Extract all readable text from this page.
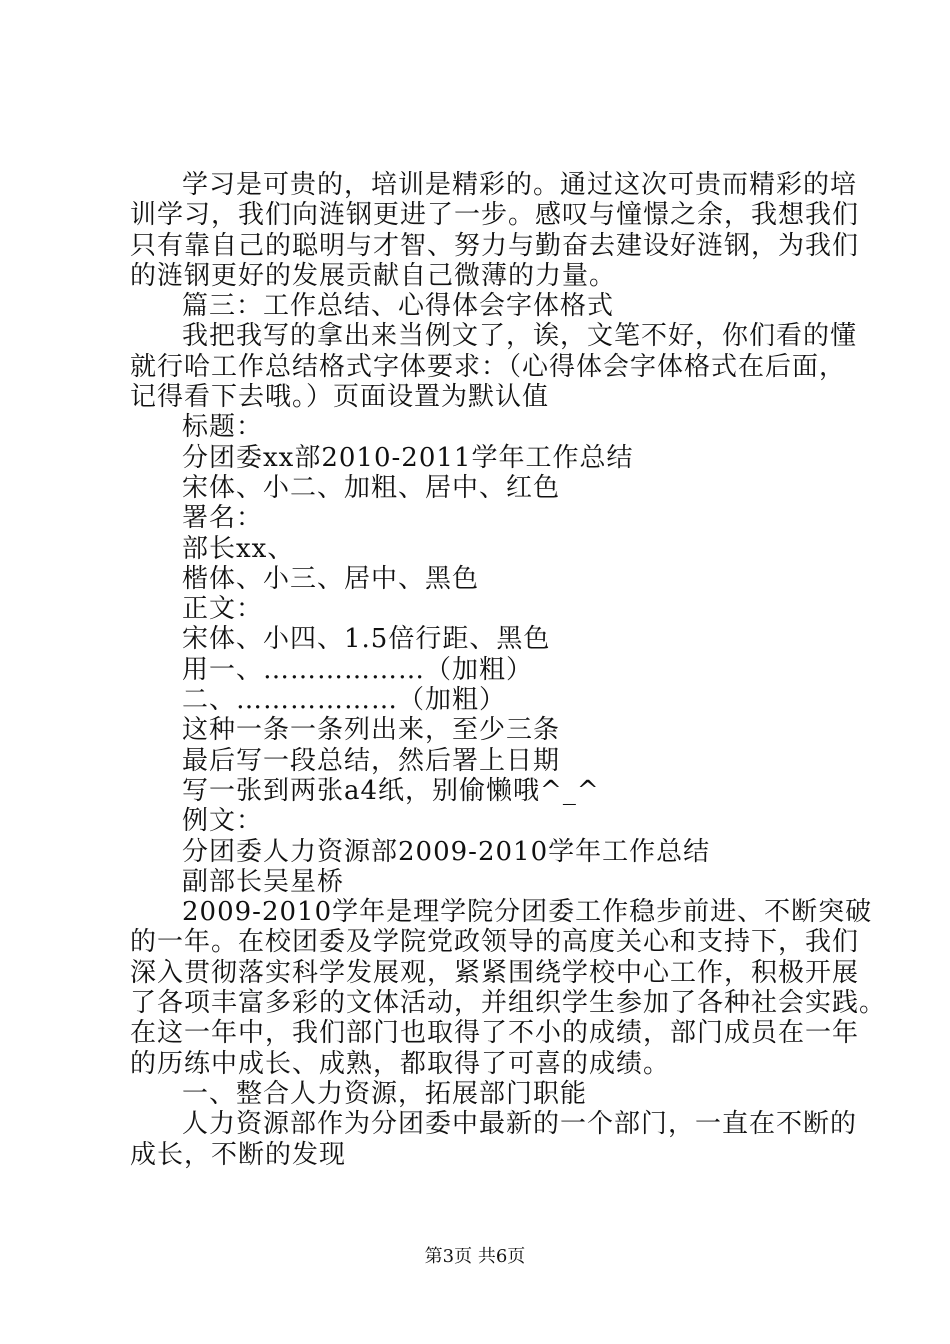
学习是可贵的，培训是精彩的。通过这次可贵而精彩的培
训学习，我们向涟钢更进了一步。感叹与憧憬之余，我想我们
只有靠自己的聪明与才智、努力与勤奋去建设好涟钢，为我们
的涟钢更好的发展贡献自己微薄的力量。
篇三：工作总结、心得体会字体格式
我把我写的拿出来当例文了，诶，文笔不好，你们看的懂
就行哈工作总结格式字体要求：（心得体会字体格式在后面，
记得看下去哦。）页面设置为默认值
标题：
分团委xx部2010-2011学年工作总结
宋体、小二、加粗、居中、红色
署名：
部长xx、
楷体、小三、居中、黑色
正文：
宋体、小四、1.5倍行距、黑色
用一、………………（加粗）
二、………………（加粗）
这种一条一条列出来，至少三条
最后写一段总结，然后署上日期
写一张到两张a4纸，别偷懒哦^_^
例文：
分团委人力资源部2009-2010学年工作总结
副部长吴星桥
2009-2010学年是理学院分团委工作稳步前进、不断突破
的一年。在校团委及学院党政领导的高度关心和支持下，我们
深入贯彻落实科学发展观，紧紧围绕学校中心工作，积极开展
了各项丰富多彩的文体活动，并组织学生参加了各种社会实践。
在这一年中，我们部门也取得了不小的成绩，部门成员在一年
的历练中成长、成熟，都取得了可喜的成绩。
一、整合人力资源，拓展部门职能
人力资源部作为分团委中最新的一个部门，一直在不断的
成长，不断的发现
第3页 共6页
